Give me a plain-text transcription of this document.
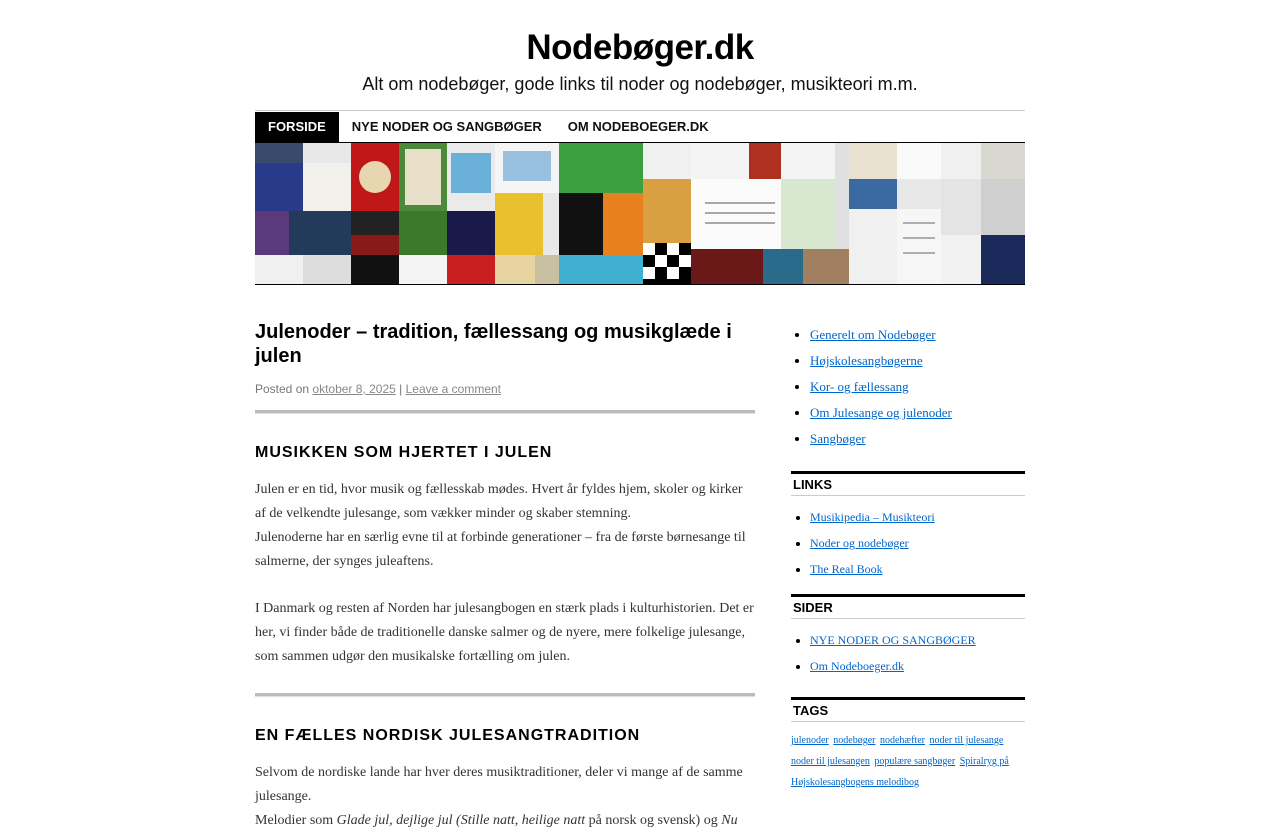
Nodebøger.dk
Alt om nodebøger, gode links til noder og nodebøger, musikteori m.m.
FORSIDE	NYE NODER OG SANGBØGER	OM NODEBOEGER.DK
Julenoder – tradition, fællessang og musikglæde i julen
Posted on oktober 8, 2025 | Leave a comment
MUSIKKEN SOM HJERTET I JULEN

Julen er en tid, hvor musik og fællesskab mødes. Hvert år fyldes hjem, skoler og kirker af de velkendte julesange, som vækker minder og skaber stemning.

Julenoderne har en særlig evne til at forbinde generationer – fra de første børnesange til salmerne, der synges juleaftens.

I Danmark og resten af Norden har julesangbogen en stærk plads i kulturhistorien. Det er her, vi finder både de traditionelle danske salmer og de nyere, mere folkelige julesange, som sammen udgør den musikalske fortælling om julen.

EN FÆLLES NORDISK JULESANGTRADITION

Selvom de nordiske lande har hver deres musiktraditioner, deler vi mange af de samme julesange.

Melodier som Glade jul, dejlige jul (Stille natt, heilige natt på norsk og svensk) og Nu

• Generelt om Nodebøger
• Højskolesangbøgerne
• Kor- og fællessang
• Om Julesange og julenoder
• Sangbøger
LINKS
• Musikipedia – Musikteori
• Noder og nodebøger
• The Real Book
SIDER
• NYE NODER OG SANGBØGER
• Om Nodeboeger.dk
TAGS
julenoder nodebøger nodehæfter noder til julesange noder til julesangen populære sangbøger Spiralryg på Højskolesangbogens melodibog
